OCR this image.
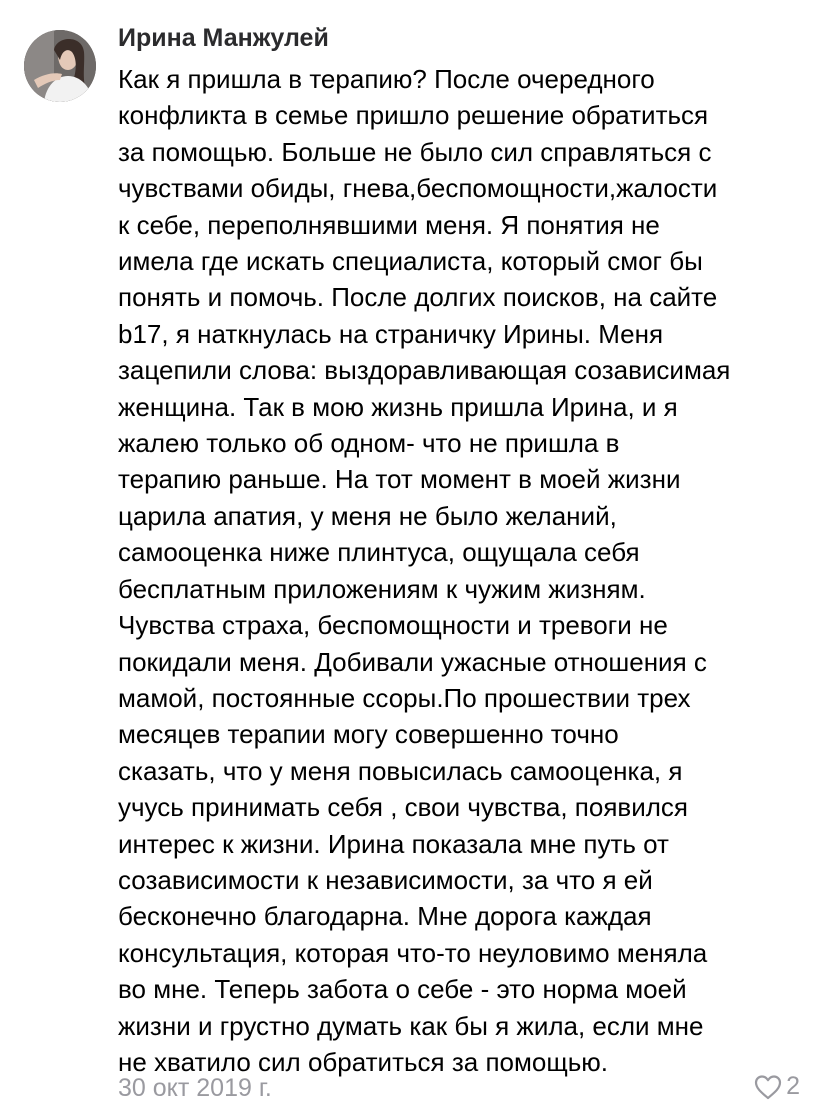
Ирина Манжулей
Как я пришла в терапию? После очередного
конфликта в семье пришло решение обратиться
за помощью. Больше не было сил справляться с
чувствами обиды, гнева,беспомощности,жалости
к себе, переполнявшими меня. Я понятия не
имела где искать специалиста, который смог бы
понять и помочь. После долгих поисков, на сайте
b17, я наткнулась на страничку Ирины. Меня
зацепили слова: выздоравливающая созависимая
женщина. Так в мою жизнь пришла Ирина, и я
жалею только об одном- что не пришла в
терапию раньше. На тот момент в моей жизни
царила апатия, у меня не было желаний,
самооценка ниже плинтуса, ощущала себя
бесплатным приложениям к чужим жизням.
Чувства страха, беспомощности и тревоги не
покидали меня. Добивали ужасные отношения с
мамой, постоянные ссоры.По прошествии трех
месяцев терапии могу совершенно точно
сказать, что у меня повысилась самооценка, я
учусь принимать себя , свои чувства, появился
интерес к жизни. Ирина показала мне путь от
созависимости к независимости, за что я ей
бесконечно благодарна. Мне дорога каждая
консультация, которая что-то неуловимо меняла
во мне. Теперь забота о себе - это норма моей
жизни и грустно думать как бы я жила, если мне
не хватило сил обратиться за помощью.
30 окт 2019 г.	2
